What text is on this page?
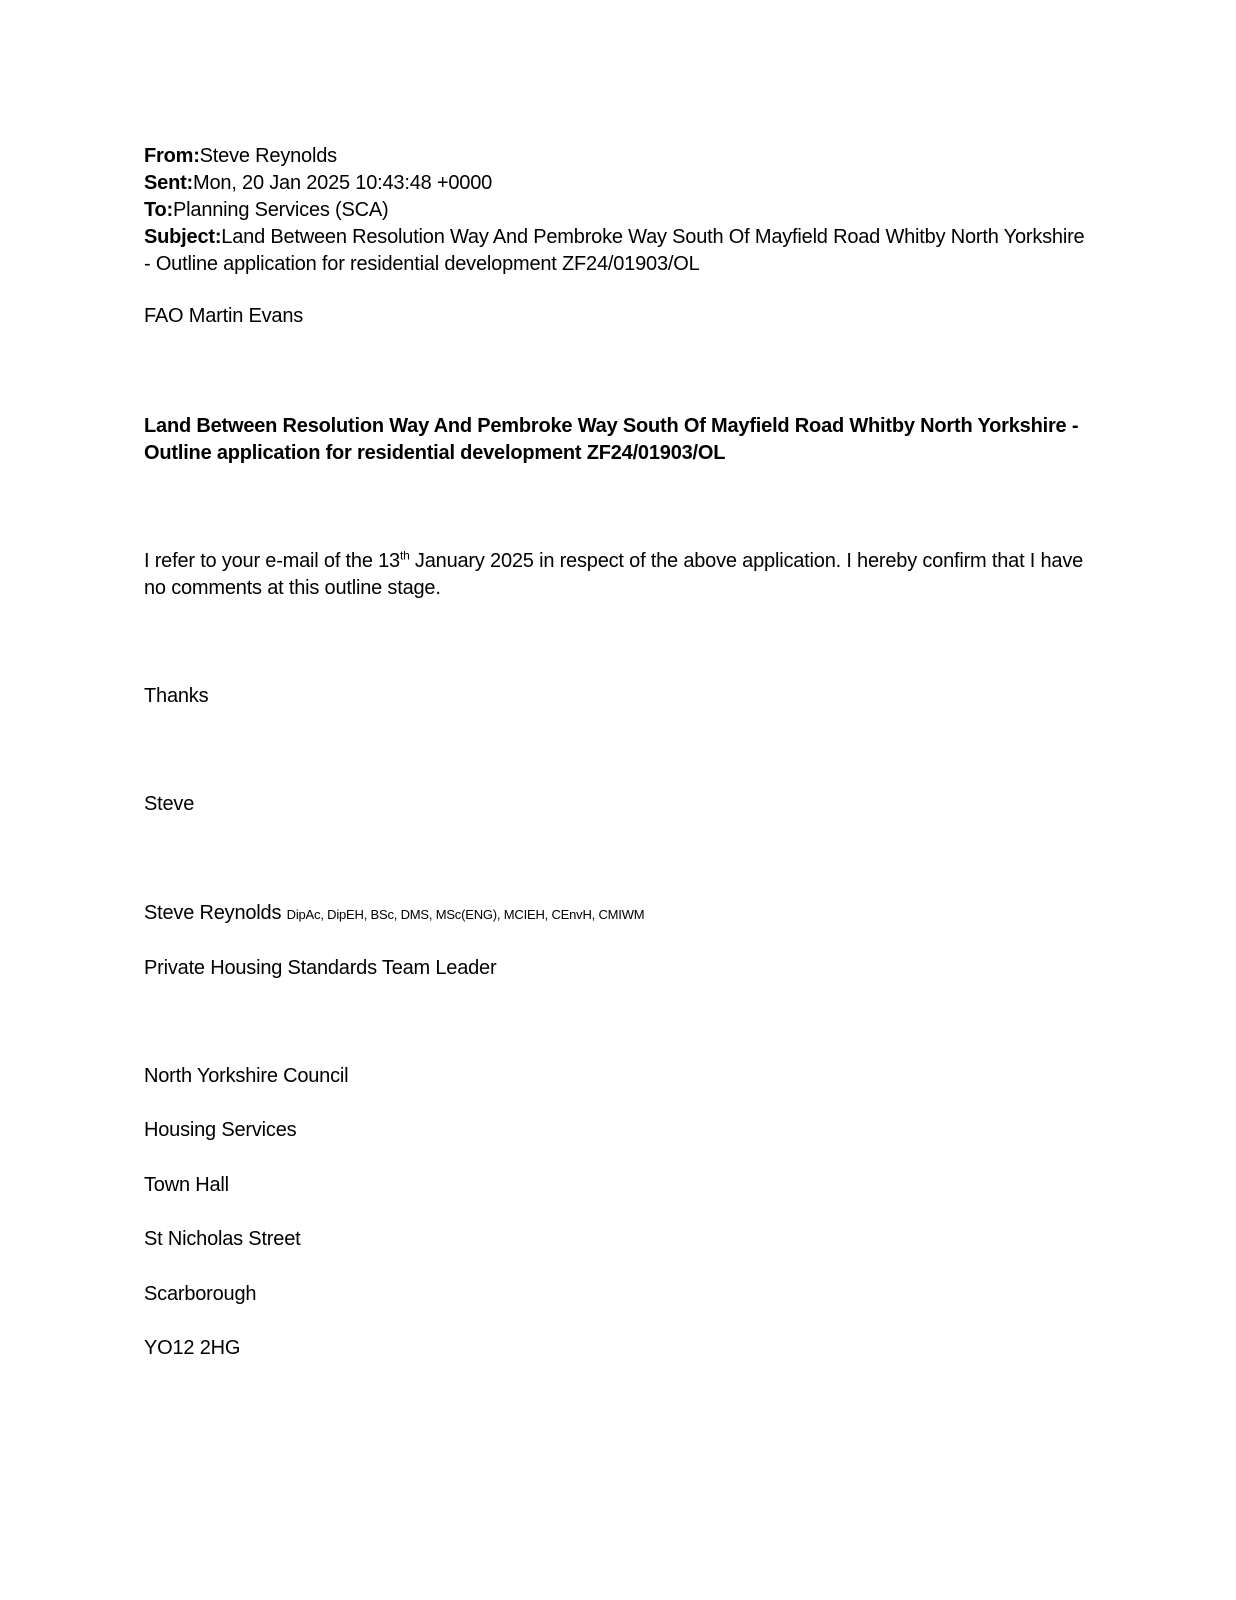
From:Steve Reynolds
Sent:Mon, 20 Jan 2025 10:43:48 +0000
To:Planning Services (SCA)
Subject:Land Between Resolution Way And Pembroke Way South Of Mayfield Road Whitby North Yorkshire - Outline application for residential development ZF24/01903/OL
FAO Martin Evans
Land Between Resolution Way And Pembroke Way South Of Mayfield Road Whitby North Yorkshire - Outline application for residential development ZF24/01903/OL
I refer to your e-mail of the 13th January 2025 in respect of the above application. I hereby confirm that I have no comments at this outline stage.
Thanks
Steve
Steve Reynolds DipAc, DipEH, BSc, DMS, MSc(ENG), MCIEH, CEnvH, CMIWM
Private Housing Standards Team Leader
North Yorkshire Council
Housing Services
Town Hall
St Nicholas Street
Scarborough
YO12 2HG
